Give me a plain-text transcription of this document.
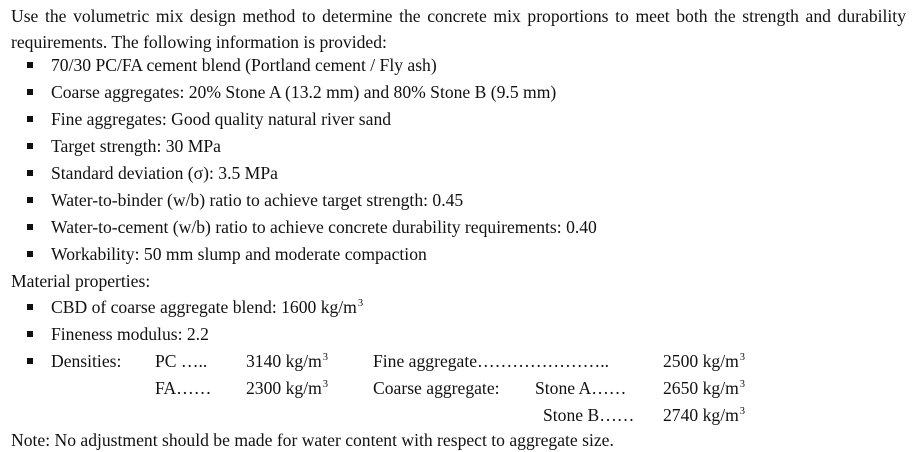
Use the volumetric mix design method to determine the concrete mix proportions to meet both the strength and durability requirements. The following information is provided:

70/30 PC/FA cement blend (Portland cement / Fly ash)
Coarse aggregates: 20% Stone A (13.2 mm) and 80% Stone B (9.5 mm)
Fine aggregates: Good quality natural river sand
Target strength: 30 MPa
Standard deviation (σ): 3.5 MPa
Water-to-binder (w/b) ratio to achieve target strength: 0.45
Water-to-cement (w/b) ratio to achieve concrete durability requirements: 0.40
Workability: 50 mm slump and moderate compaction
Material properties:
CBD of coarse aggregate blend: 1600 $kg/m^3$
Fineness modulus: 2.2
Densities: PC ….. 3140 $kg/m^3$	Fine aggregate…………………..	2500 $kg/m^3$
FA…… 2300 $kg/m^3$	Coarse aggregate: Stone A…… 2650 $kg/m^3$
Stone B…… 2740 $kg/m^3$
Note: No adjustment should be made for water content with respect to aggregate size.
